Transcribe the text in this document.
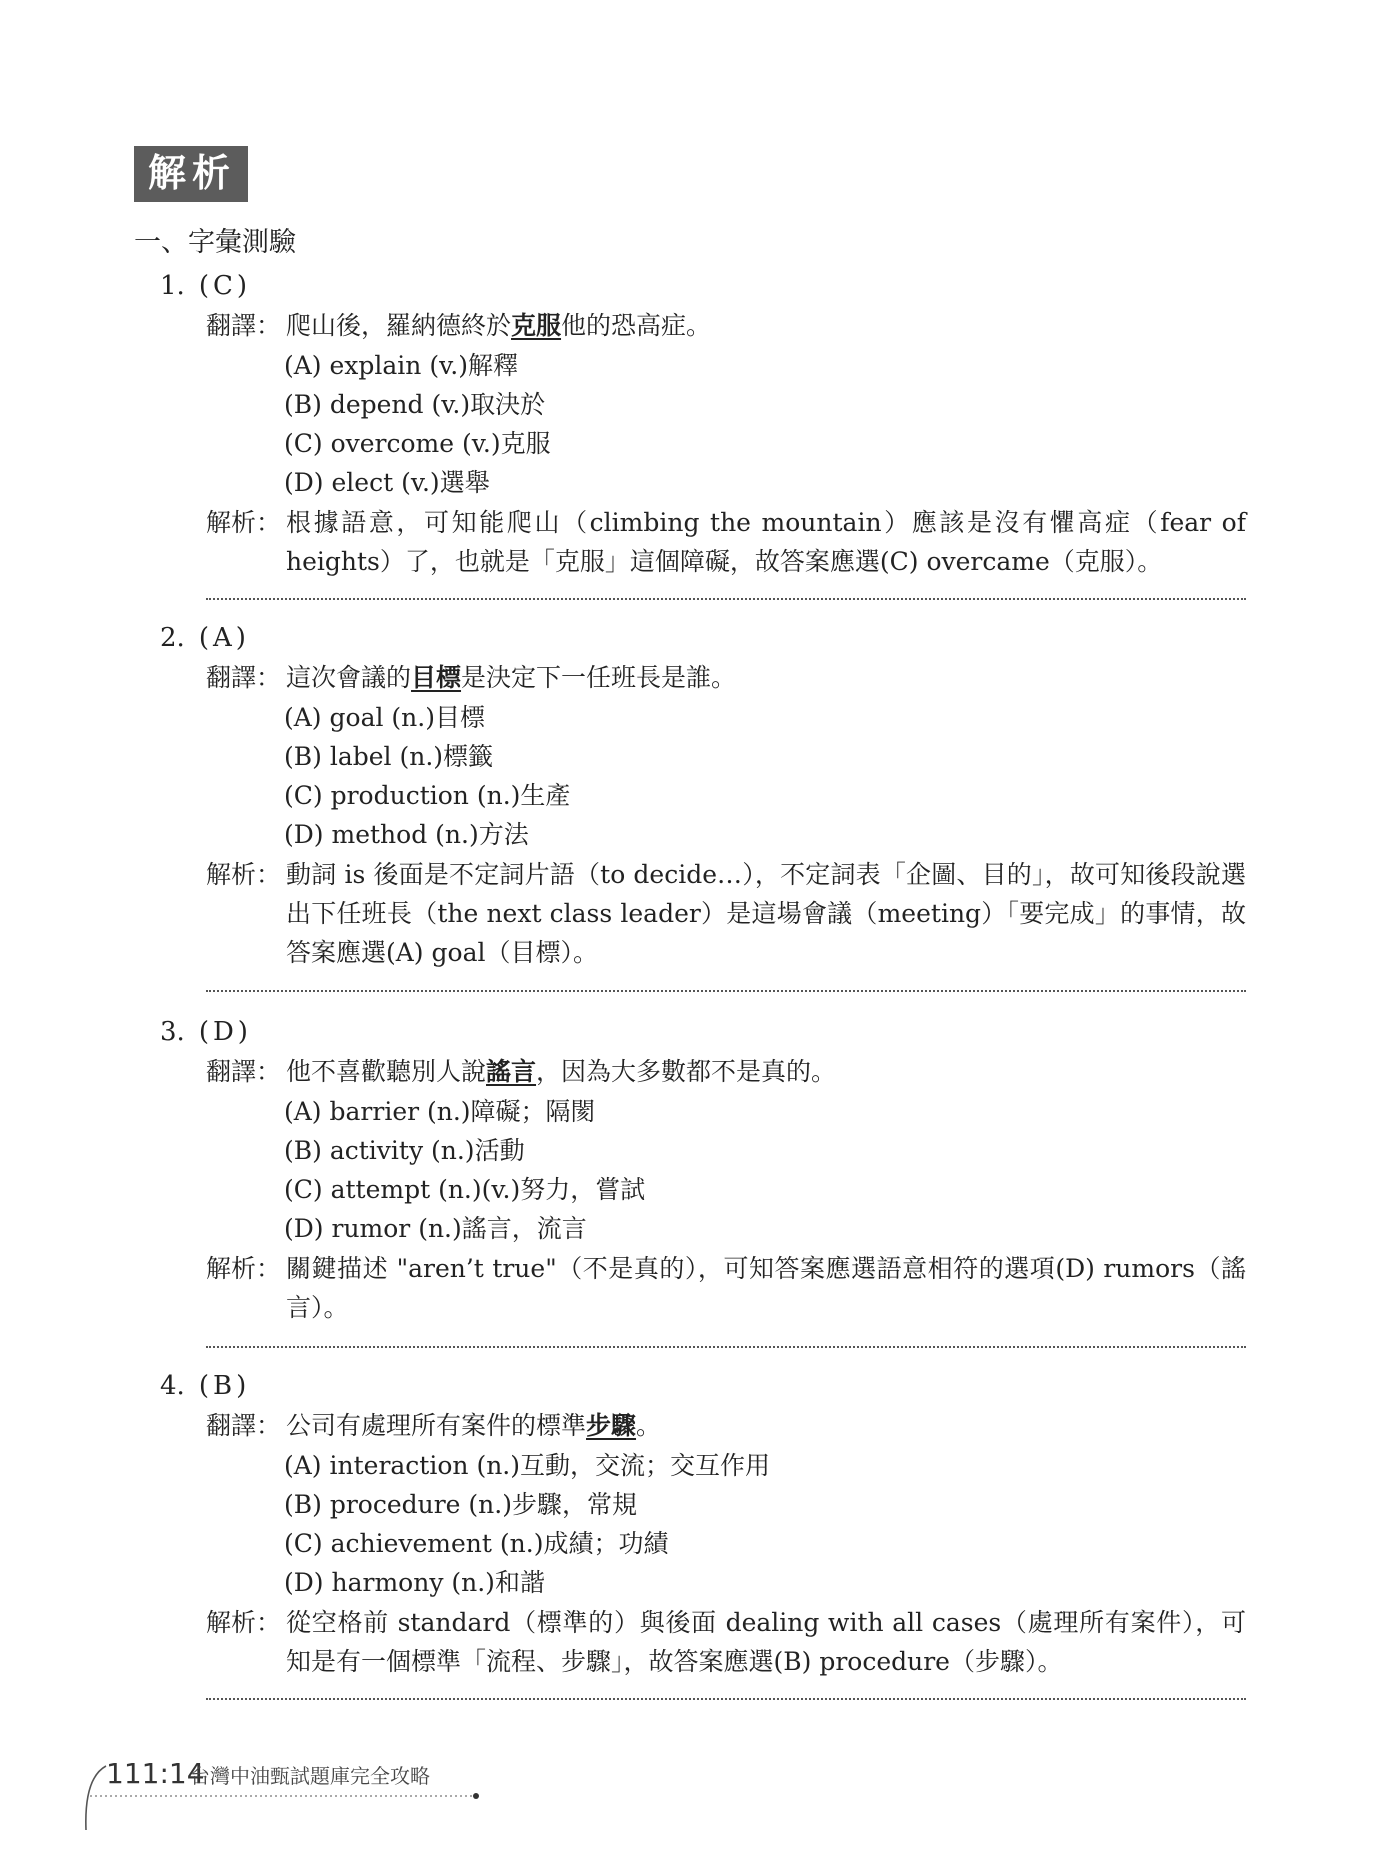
解析
一、字彙測驗
1. (C)
翻譯： 爬山後，羅納德終於克服他的恐高症。
(A) explain (v.)解釋
(B) depend (v.)取決於
(C) overcome (v.)克服
(D) elect (v.)選舉
解析： 根據語意，可知能爬山（climbing the mountain）應該是沒有懼高症（fear of heights）了，也就是「克服」這個障礙，故答案應選(C) overcame（克服）。
2. (A)
翻譯： 這次會議的目標是決定下一任班長是誰。
(A) goal (n.)目標
(B) label (n.)標籤
(C) production (n.)生產
(D) method (n.)方法
解析： 動詞 is 後面是不定詞片語（to decide…），不定詞表「企圖、目的」，故可知後段說選出下任班長（the next class leader）是這場會議（meeting）「要完成」的事情，故答案應選(A) goal（目標）。
3. (D)
翻譯： 他不喜歡聽別人說謠言，因為大多數都不是真的。
(A) barrier (n.)障礙；隔閡
(B) activity (n.)活動
(C) attempt (n.)(v.)努力，嘗試
(D) rumor (n.)謠言，流言
解析： 關鍵描述 "aren’t true"（不是真的），可知答案應選語意相符的選項(D) rumors（謠言）。
4. (B)
翻譯： 公司有處理所有案件的標準步驟。
(A) interaction (n.)互動，交流；交互作用
(B) procedure (n.)步驟，常規
(C) achievement (n.)成績；功績
(D) harmony (n.)和諧
解析： 從空格前 standard（標準的）與後面 dealing with all cases（處理所有案件），可知是有一個標準「流程、步驟」，故答案應選(B) procedure（步驟）。
111:14
台灣中油甄試題庫完全攻略
